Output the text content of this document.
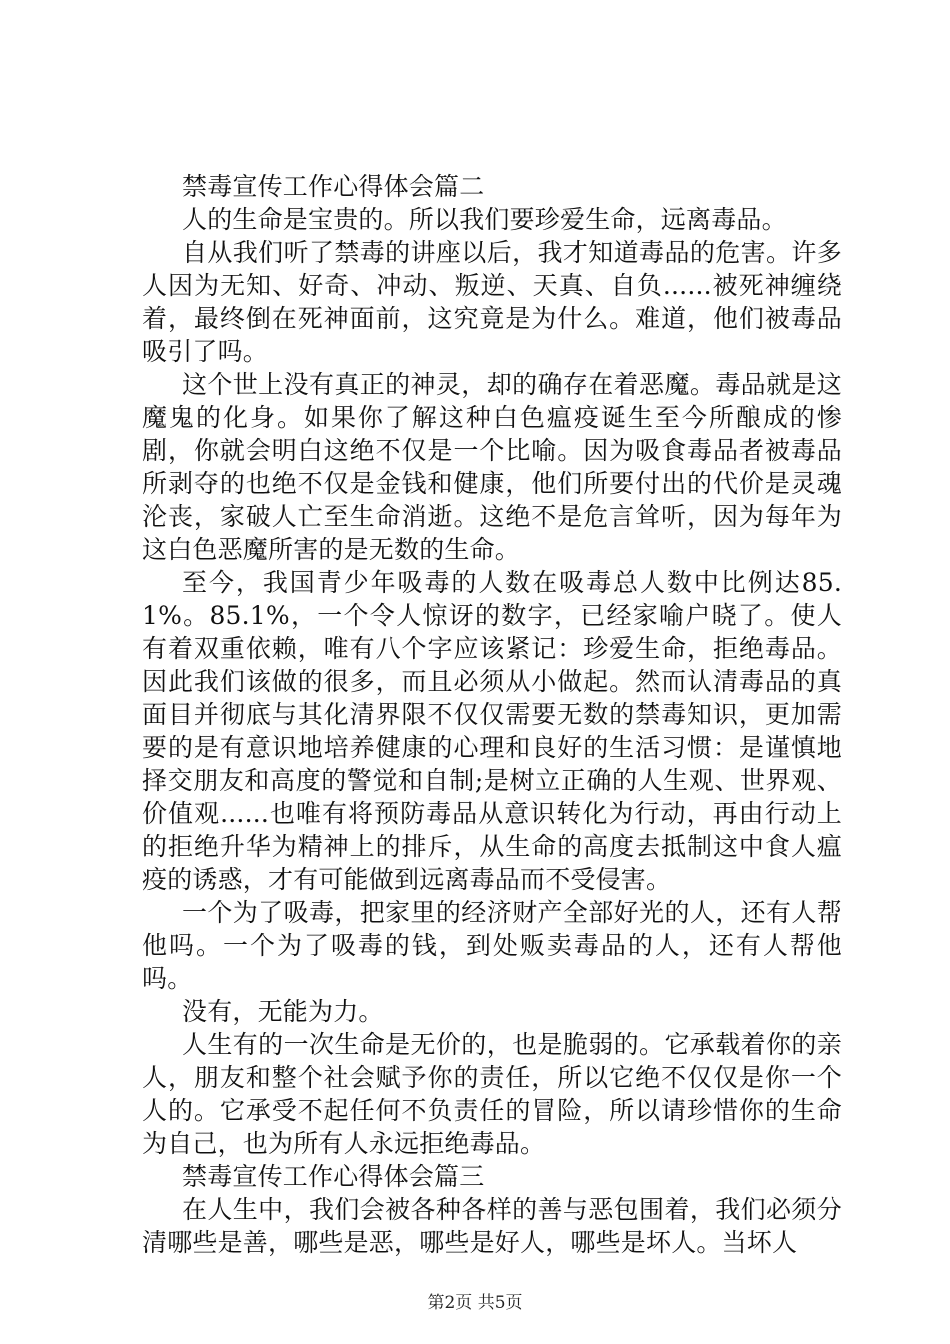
禁毒宣传工作心得体会篇二

人的生命是宝贵的。所以我们要珍爱生命，远离毒品。

自从我们听了禁毒的讲座以后，我才知道毒品的危害。许多人因为无知、好奇、冲动、叛逆、天真、自负......被死神缠绕着，最终倒在死神面前，这究竟是为什么。难道，他们被毒品吸引了吗。

这个世上没有真正的神灵，却的确存在着恶魔。毒品就是这魔鬼的化身。如果你了解这种白色瘟疫诞生至今所酿成的惨剧，你就会明白这绝不仅是一个比喻。因为吸食毒品者被毒品所剥夺的也绝不仅是金钱和健康，他们所要付出的代价是灵魂沦丧，家破人亡至生命消逝。这绝不是危言耸听，因为每年为这白色恶魔所害的是无数的生命。

至今，我国青少年吸毒的人数在吸毒总人数中比例达85.1%。85.1%，一个令人惊讶的数字，已经家喻户晓了。使人有着双重依赖，唯有八个字应该紧记：珍爱生命，拒绝毒品。因此我们该做的很多，而且必须从小做起。然而认清毒品的真面目并彻底与其化清界限不仅仅需要无数的禁毒知识，更加需要的是有意识地培养健康的心理和良好的生活习惯：是谨慎地择交朋友和高度的警觉和自制;是树立正确的人生观、世界观、价值观......也唯有将预防毒品从意识转化为行动，再由行动上的拒绝升华为精神上的排斥，从生命的高度去抵制这中食人瘟疫的诱惑，才有可能做到远离毒品而不受侵害。

一个为了吸毒，把家里的经济财产全部好光的人，还有人帮他吗。一个为了吸毒的钱，到处贩卖毒品的人，还有人帮他吗。

没有，无能为力。

人生有的一次生命是无价的，也是脆弱的。它承载着你的亲人，朋友和整个社会赋予你的责任，所以它绝不仅仅是你一个人的。它承受不起任何不负责任的冒险，所以请珍惜你的生命为自己，也为所有人永远拒绝毒品。

禁毒宣传工作心得体会篇三

在人生中，我们会被各种各样的善与恶包围着，我们必须分清哪些是善，哪些是恶，哪些是好人，哪些是坏人。当坏人

第2页 共5页
